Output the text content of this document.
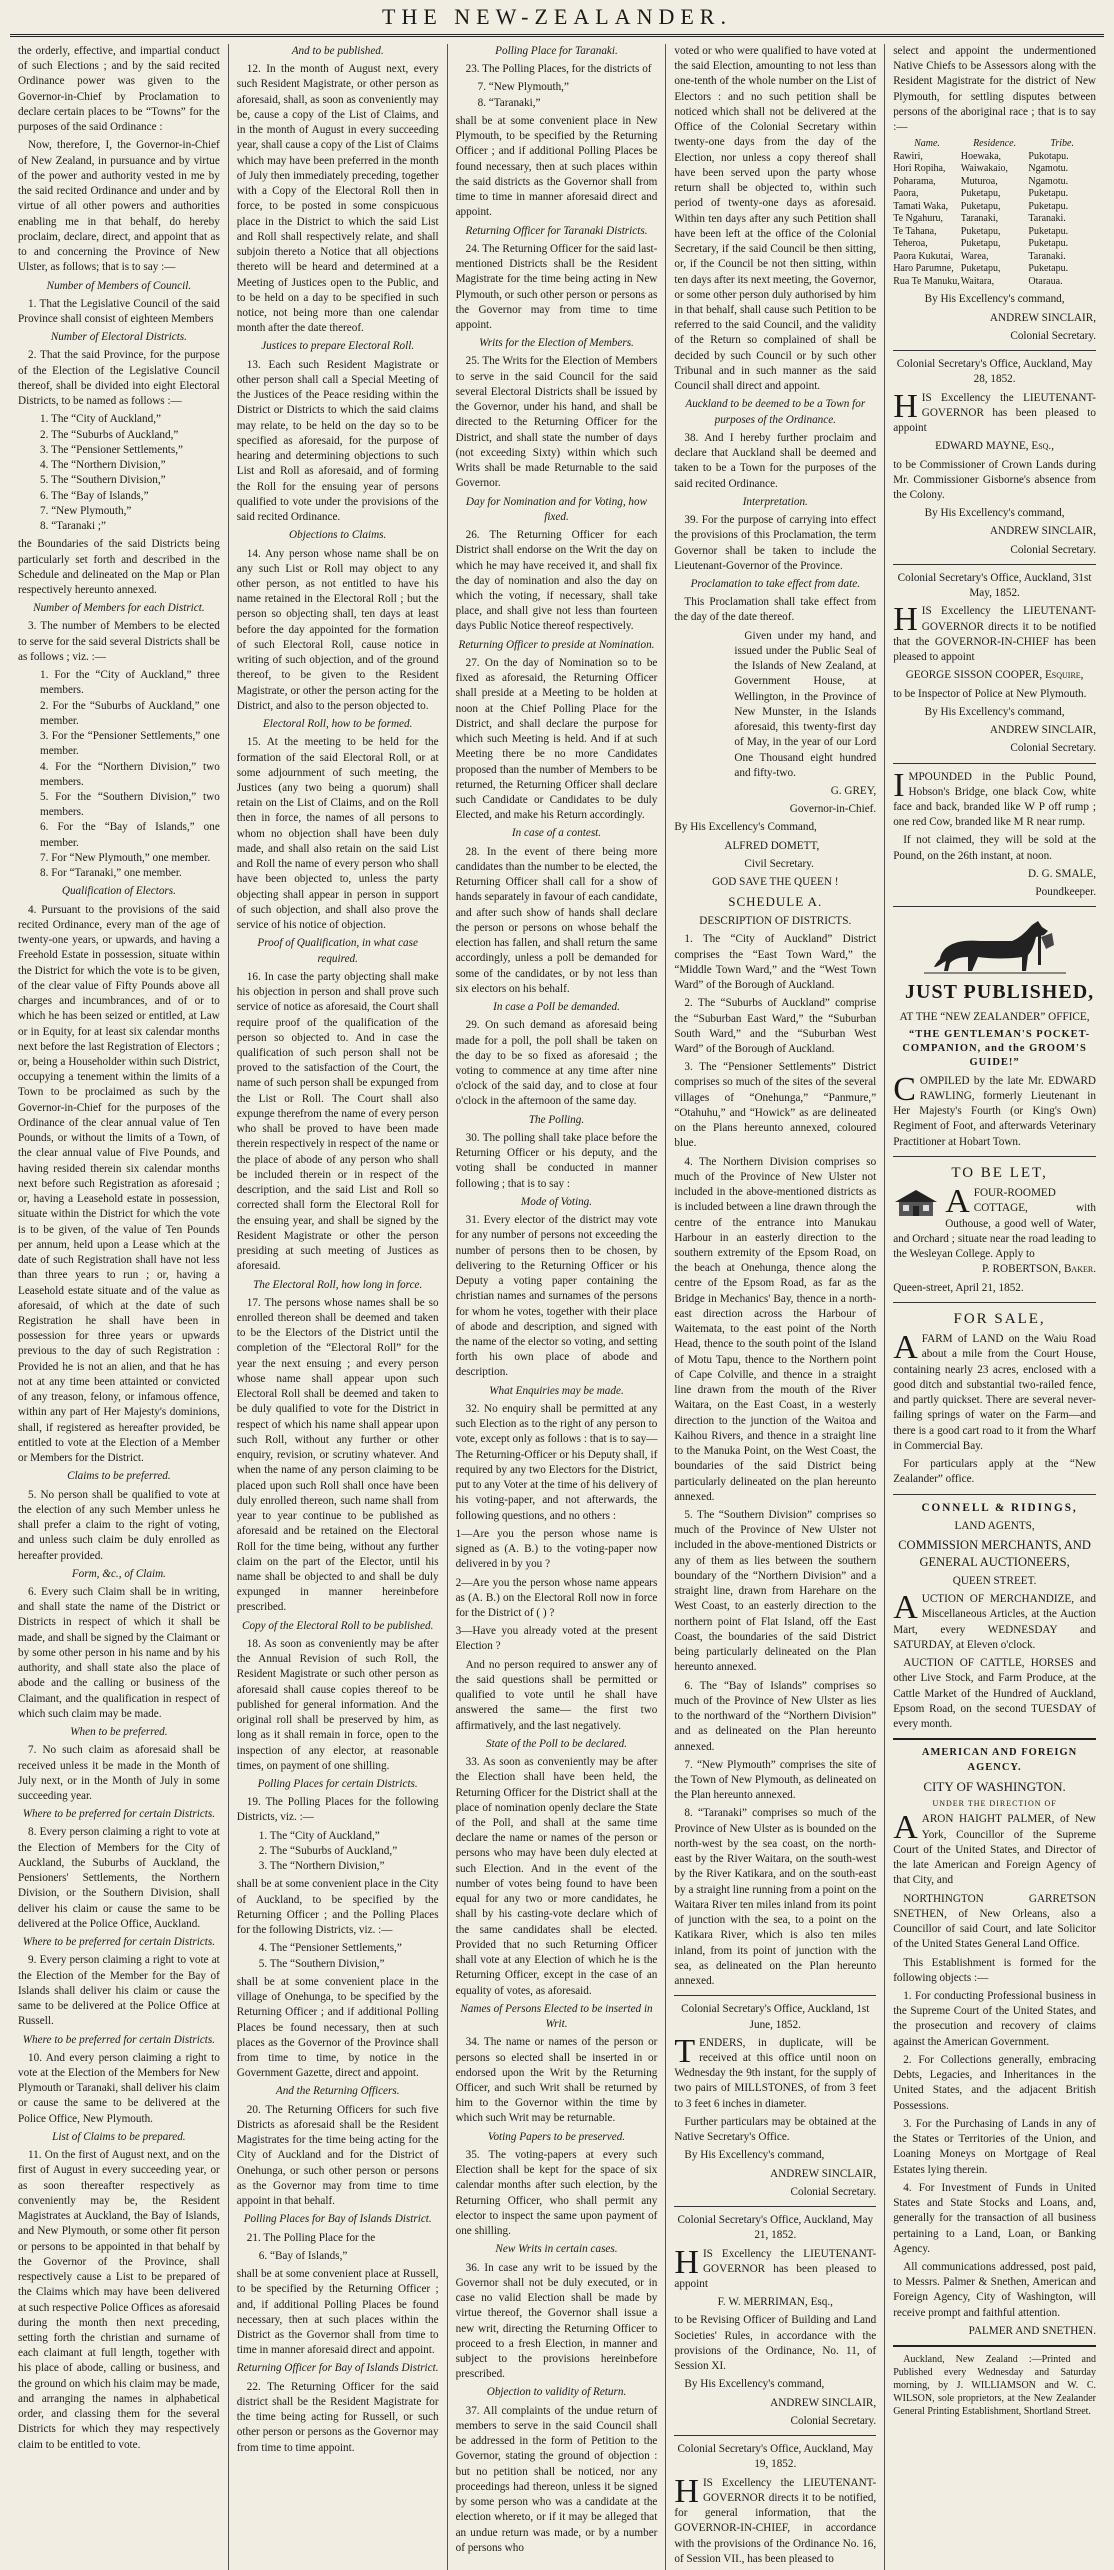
THE NEW-ZEALANDER.

the orderly, effective, and impartial conduct of such Elections ; and by the said recited Ordinance power was given to the Governor-in-Chief by Proclamation to declare certain places to be “Towns” for the purposes of the said Ordinance :

Now, therefore, I, the Governor-in-Chief of New Zealand, in pursuance and by virtue of the power and authority vested in me by the said recited Ordinance and under and by virtue of all other powers and authorities enabling me in that behalf, do hereby proclaim, declare, direct, and appoint that as to and concerning the Province of New Ulster, as follows; that is to say :—

Number of Members of Council.

1. That the Legislative Council of the said Province shall consist of eighteen Members

Number of Electoral Districts.

2. That the said Province, for the purpose of the Election of the Legislative Council thereof, shall be divided into eight Electoral Districts, to be named as follows :—

1. The “City of Auckland,”
2. The “Suburbs of Auckland,”
3. The “Pensioner Settlements,”
4. The “Northern Division,”
5. The “Southern Division,”
6. The “Bay of Islands,”
7. “New Plymouth,”
8. “Taranaki ;”

the Boundaries of the said Districts being particularly set forth and described in the Schedule and delineated on the Map or Plan respectively hereunto annexed.

Number of Members for each District.

3. The number of Members to be elected to serve for the said several Districts shall be as follows ; viz. :—

1. For the “City of Auckland,” three members.
2. For the “Suburbs of Auckland,” one member.
3. For the “Pensioner Settlements,” one member.
4. For the “Northern Division,” two members.
5. For the “Southern Division,” two members.
6. For the “Bay of Islands,” one member.
7. For “New Plymouth,” one member.
8. For “Taranaki,” one member.

Qualification of Electors.

4. Pursuant to the provisions of the said recited Ordinance, every man of the age of twenty-one years, or upwards, and having a Freehold Estate in possession, situate within the District for which the vote is to be given, of the clear value of Fifty Pounds above all charges and incumbrances, and of or to which he has been seized or entitled, at Law or in Equity, for at least six calendar months next before the last Registration of Electors ; or, being a Householder within such District, occupying a tenement within the limits of a Town to be proclaimed as such by the Governor-in-Chief for the purposes of the Ordinance of the clear annual value of Ten Pounds, or without the limits of a Town, of the clear annual value of Five Pounds, and having resided therein six calendar months next before such Registration as aforesaid ; or, having a Leasehold estate in possession, situate within the District for which the vote is to be given, of the value of Ten Pounds per annum, held upon a Lease which at the date of such Registration shall have not less than three years to run ; or, having a Leasehold estate situate and of the value as aforesaid, of which at the date of such Registration he shall have been in possession for three years or upwards previous to the day of such Registration : Provided he is not an alien, and that he has not at any time been attainted or convicted of any treason, felony, or infamous offence, within any part of Her Majesty's dominions, shall, if registered as hereafter provided, be entitled to vote at the Election of a Member or Members for the District.

Claims to be preferred.

5. No person shall be qualified to vote at the election of any such Member unless he shall prefer a claim to the right of voting, and unless such claim be duly enrolled as hereafter provided.

Form, &c., of Claim.

6. Every such Claim shall be in writing, and shall state the name of the District or Districts in respect of which it shall be made, and shall be signed by the Claimant or by some other person in his name and by his authority, and shall state also the place of abode and the calling or business of the Claimant, and the qualification in respect of which such claim may be made.

When to be preferred.

7. No such claim as aforesaid shall be received unless it be made in the Month of July next, or in the Month of July in some succeeding year.

Where to be preferred for certain Districts.

8. Every person claiming a right to vote at the Election of Members for the City of Auckland, the Suburbs of Auckland, the Pensioners' Settlements, the Northern Division, or the Southern Division, shall deliver his claim or cause the same to be delivered at the Police Office, Auckland.

Where to be preferred for certain Districts.

9. Every person claiming a right to vote at the Election of the Member for the Bay of Islands shall deliver his claim or cause the same to be delivered at the Police Office at Russell.

Where to be preferred for certain Districts.

10. And every person claiming a right to vote at the Election of the Members for New Plymouth or Taranaki, shall deliver his claim or cause the same to be delivered at the Police Office, New Plymouth.

List of Claims to be prepared.

11. On the first of August next, and on the first of August in every succeeding year, or as soon thereafter respectively as conveniently may be, the Resident Magistrates at Auckland, the Bay of Islands, and New Plymouth, or some other fit person or persons to be appointed in that behalf by the Governor of the Province, shall respectively cause a List to be prepared of the Claims which may have been delivered at such respective Police Offices as aforesaid during the month then next preceding, setting forth the christian and surname of each claimant at full length, together with his place of abode, calling or business, and the ground on which his claim may be made, and arranging the names in alphabetical order, and classing them for the several Districts for which they may respectively claim to be entitled to vote.

And to be published.

12. In the month of August next, every such Resident Magistrate, or other person as aforesaid, shall, as soon as conveniently may be, cause a copy of the List of Claims, and in the month of August in every succeeding year, shall cause a copy of the List of Claims which may have been preferred in the month of July then immediately preceding, together with a Copy of the Electoral Roll then in force, to be posted in some conspicuous place in the District to which the said List and Roll shall respectively relate, and shall subjoin thereto a Notice that all objections thereto will be heard and determined at a Meeting of Justices open to the Public, and to be held on a day to be specified in such notice, not being more than one calendar month after the date thereof.

Justices to prepare Electoral Roll.

13. Each such Resident Magistrate or other person shall call a Special Meeting of the Justices of the Peace residing within the District or Districts to which the said claims may relate, to be held on the day so to be specified as aforesaid, for the purpose of hearing and determining objections to such List and Roll as aforesaid, and of forming the Roll for the ensuing year of persons qualified to vote under the provisions of the said recited Ordinance.

Objections to Claims.

14. Any person whose name shall be on any such List or Roll may object to any other person, as not entitled to have his name retained in the Electoral Roll ; but the person so objecting shall, ten days at least before the day appointed for the formation of such Electoral Roll, cause notice in writing of such objection, and of the ground thereof, to be given to the Resident Magistrate, or other the person acting for the District, and also to the person objected to.

Electoral Roll, how to be formed.

15. At the meeting to be held for the formation of the said Electoral Roll, or at some adjournment of such meeting, the Justices (any two being a quorum) shall retain on the List of Claims, and on the Roll then in force, the names of all persons to whom no objection shall have been duly made, and shall also retain on the said List and Roll the name of every person who shall have been objected to, unless the party objecting shall appear in person in support of such objection, and shall also prove the service of his notice of objection.

Proof of Qualification, in what case required.

16. In case the party objecting shall make his objection in person and shall prove such service of notice as aforesaid, the Court shall require proof of the qualification of the person so objected to. And in case the qualification of such person shall not be proved to the satisfaction of the Court, the name of such person shall be expunged from the List or Roll. The Court shall also expunge therefrom the name of every person who shall be proved to have been made therein respectively in respect of the name or the place of abode of any person who shall be included therein or in respect of the description, and the said List and Roll so corrected shall form the Electoral Roll for the ensuing year, and shall be signed by the Resident Magistrate or other the person presiding at such meeting of Justices as aforesaid.

The Electoral Roll, how long in force.

17. The persons whose names shall be so enrolled thereon shall be deemed and taken to be the Electors of the District until the completion of the “Electoral Roll” for the year the next ensuing ; and every person whose name shall appear upon such Electoral Roll shall be deemed and taken to be duly qualified to vote for the District in respect of which his name shall appear upon such Roll, without any further or other enquiry, revision, or scrutiny whatever. And when the name of any person claiming to be placed upon such Roll shall once have been duly enrolled thereon, such name shall from year to year continue to be published as aforesaid and be retained on the Electoral Roll for the time being, without any further claim on the part of the Elector, until his name shall be objected to and shall be duly expunged in manner hereinbefore prescribed.

Copy of the Electoral Roll to be published.

18. As soon as conveniently may be after the Annual Revision of such Roll, the Resident Magistrate or such other person as aforesaid shall cause copies thereof to be published for general information. And the original roll shall be preserved by him, as long as it shall remain in force, open to the inspection of any elector, at reasonable times, on payment of one shilling.

Polling Places for certain Districts.

19. The Polling Places for the following Districts, viz. :—

1. The “City of Auckland,”
2. The “Suburbs of Auckland,”
3. The “Northern Division,”

shall be at some convenient place in the City of Auckland, to be specified by the Returning Officer ; and the Polling Places for the following Districts, viz. :—

4. The “Pensioner Settlements,”
5. The “Southern Division,”

shall be at some convenient place in the village of Onehunga, to be specified by the Returning Officer ; and if additional Polling Places be found necessary, then at such places as the Governor of the Province shall from time to time, by notice in the Government Gazette, direct and appoint.

And the Returning Officers.

20. The Returning Officers for such five Districts as aforesaid shall be the Resident Magistrates for the time being acting for the City of Auckland and for the District of Onehunga, or such other person or persons as the Governor may from time to time appoint in that behalf.

Polling Places for Bay of Islands District.

21. The Polling Place for the

6. “Bay of Islands,”

shall be at some convenient place at Russell, to be specified by the Returning Officer ; and, if additional Polling Places be found necessary, then at such places within the District as the Governor shall from time to time in manner aforesaid direct and appoint.

Returning Officer for Bay of Islands District.

22. The Returning Officer for the said district shall be the Resident Magistrate for the time being acting for Russell, or such other person or persons as the Governor may from time to time appoint.

Polling Place for Taranaki.

23. The Polling Places, for the districts of

7. “New Plymouth,”
8. “Taranaki,”

shall be at some convenient place in New Plymouth, to be specified by the Returning Officer ; and if additional Polling Places be found necessary, then at such places within the said districts as the Governor shall from time to time in manner aforesaid direct and appoint.

Returning Officer for Taranaki Districts.

24. The Returning Officer for the said last-mentioned Districts shall be the Resident Magistrate for the time being acting in New Plymouth, or such other person or persons as the Governor may from time to time appoint.

Writs for the Election of Members.

25. The Writs for the Election of Members to serve in the said Council for the said several Electoral Districts shall be issued by the Governor, under his hand, and shall be directed to the Returning Officer for the District, and shall state the number of days (not exceeding Sixty) within which such Writs shall be made Returnable to the said Governor.

Day for Nomination and for Voting, how fixed.

26. The Returning Officer for each District shall endorse on the Writ the day on which he may have received it, and shall fix the day of nomination and also the day on which the voting, if necessary, shall take place, and shall give not less than fourteen days Public Notice thereof respectively.

Returning Officer to preside at Nomination.

27. On the day of Nomination so to be fixed as aforesaid, the Returning Officer shall preside at a Meeting to be holden at noon at the Chief Polling Place for the District, and shall declare the purpose for which such Meeting is held. And if at such Meeting there be no more Candidates proposed than the number of Members to be returned, the Returning Officer shall declare such Candidate or Candidates to be duly Elected, and make his Return accordingly.

In case of a contest.

28. In the event of there being more candidates than the number to be elected, the Returning Officer shall call for a show of hands separately in favour of each candidate, and after such show of hands shall declare the person or persons on whose behalf the election has fallen, and shall return the same accordingly, unless a poll be demanded for some of the candidates, or by not less than six electors on his behalf.

In case a Poll be demanded.

29. On such demand as aforesaid being made for a poll, the poll shall be taken on the day to be so fixed as aforesaid ; the voting to commence at any time after nine o'clock of the said day, and to close at four o'clock in the afternoon of the same day.

The Polling.

30. The polling shall take place before the Returning Officer or his deputy, and the voting shall be conducted in manner following ; that is to say :

Mode of Voting.

31. Every elector of the district may vote for any number of persons not exceeding the number of persons then to be chosen, by delivering to the Returning Officer or his Deputy a voting paper containing the christian names and surnames of the persons for whom he votes, together with their place of abode and description, and signed with the name of the elector so voting, and setting forth his own place of abode and description.

What Enquiries may be made.

32. No enquiry shall be permitted at any such Election as to the right of any person to vote, except only as follows : that is to say— The Returning-Officer or his Deputy shall, if required by any two Electors for the District, put to any Voter at the time of his delivery of his voting-paper, and not afterwards, the following questions, and no others :

1—Are you the person whose name is signed as (A. B.) to the voting-paper now delivered in by you ?

2—Are you the person whose name appears as (A. B.) on the Electoral Roll now in force for the District of ( ) ?

3—Have you already voted at the present Election ?

And no person required to answer any of the said questions shall be permitted or qualified to vote until he shall have answered the same— the first two affirmatively, and the last negatively.

State of the Poll to be declared.

33. As soon as conveniently may be after the Election shall have been held, the Returning Officer for the District shall at the place of nomination openly declare the State of the Poll, and shall at the same time declare the name or names of the person or persons who may have been duly elected at such Election. And in the event of the number of votes being found to have been equal for any two or more candidates, he shall by his casting-vote declare which of the same candidates shall be elected. Provided that no such Returning Officer shall vote at any Election of which he is the Returning Officer, except in the case of an equality of votes, as aforesaid.

Names of Persons Elected to be inserted in Writ.

34. The name or names of the person or persons so elected shall be inserted in or endorsed upon the Writ by the Returning Officer, and such Writ shall be returned by him to the Governor within the time by which such Writ may be returnable.

Voting Papers to be preserved.

35. The voting-papers at every such Election shall be kept for the space of six calendar months after such election, by the Returning Officer, who shall permit any elector to inspect the same upon payment of one shilling.

New Writs in certain cases.

36. In case any writ to be issued by the Governor shall not be duly executed, or in case no valid Election shall be made by virtue thereof, the Governor shall issue a new writ, directing the Returning Officer to proceed to a fresh Election, in manner and subject to the provisions hereinbefore prescribed.

Objection to validity of Return.

37. All complaints of the undue return of members to serve in the said Council shall be addressed in the form of Petition to the Governor, stating the ground of objection : but no petition shall be noticed, nor any proceedings had thereon, unless it be signed by some person who was a candidate at the election whereto, or if it may be alleged that an undue return was made, or by a number of persons who

voted or who were qualified to have voted at the said Election, amounting to not less than one-tenth of the whole number on the List of Electors : and no such petition shall be noticed which shall not be delivered at the Office of the Colonial Secretary within twenty-one days from the day of the Election, nor unless a copy thereof shall have been served upon the party whose return shall be objected to, within such period of twenty-one days as aforesaid. Within ten days after any such Petition shall have been left at the office of the Colonial Secretary, if the said Council be then sitting, or, if the Council be not then sitting, within ten days after its next meeting, the Governor, or some other person duly authorised by him in that behalf, shall cause such Petition to be referred to the said Council, and the validity of the Return so complained of shall be decided by such Council or by such other Tribunal and in such manner as the said Council shall direct and appoint.

Auckland to be deemed to be a Town for purposes of the Ordinance.

38. And I hereby further proclaim and declare that Auckland shall be deemed and taken to be a Town for the purposes of the said recited Ordinance.

Interpretation.

39. For the purpose of carrying into effect the provisions of this Proclamation, the term Governor shall be taken to include the Lieutenant-Governor of the Province.

Proclamation to take effect from date.

This Proclamation shall take effect from the day of the date thereof.

Given under my hand, and issued under the Public Seal of the Islands of New Zealand, at Government House, at Wellington, in the Province of New Munster, in the Islands aforesaid, this twenty-first day of May, in the year of our Lord One Thousand eight hundred and fifty-two.

G. GREY,

Governor-in-Chief.

By His Excellency's Command,

ALFRED DOMETT,

Civil Secretary.

GOD SAVE THE QUEEN !

SCHEDULE A.

DESCRIPTION OF DISTRICTS.

1. The “City of Auckland” District comprises the “East Town Ward,” the “Middle Town Ward,” and the “West Town Ward” of the Borough of Auckland.

2. The “Suburbs of Auckland” comprise the “Suburban East Ward,” the “Suburban South Ward,” and the “Suburban West Ward” of the Borough of Auckland.

3. The “Pensioner Settlements” District comprises so much of the sites of the several villages of “Onehunga,” “Panmure,” “Otahuhu,” and “Howick” as are delineated on the Plans hereunto annexed, coloured blue.

4. The Northern Division comprises so much of the Province of New Ulster not included in the above-mentioned districts as is included between a line drawn through the centre of the entrance into Manukau Harbour in an easterly direction to the southern extremity of the Epsom Road, on the beach at Onehunga, thence along the centre of the Epsom Road, as far as the Bridge in Mechanics' Bay, thence in a north-east direction across the Harbour of Waitemata, to the east point of the North Head, thence to the south point of the Island of Motu Tapu, thence to the Northern point of Cape Colville, and thence in a straight line drawn from the mouth of the River Waitara, on the East Coast, in a westerly direction to the junction of the Waitoa and Kaihou Rivers, and thence in a straight line to the Manuka Point, on the West Coast, the boundaries of the said District being particularly delineated on the plan hereunto annexed.

5. The “Southern Division” comprises so much of the Province of New Ulster not included in the above-mentioned Districts or any of them as lies between the southern boundary of the “Northern Division” and a straight line, drawn from Harehare on the West Coast, to an easterly direction to the northern point of Flat Island, off the East Coast, the boundaries of the said District being particularly delineated on the Plan hereunto annexed.

6. The “Bay of Islands” comprises so much of the Province of New Ulster as lies to the northward of the “Northern Division” and as delineated on the Plan hereunto annexed.

7. “New Plymouth” comprises the site of the Town of New Plymouth, as delineated on the Plan hereunto annexed.

8. “Taranaki” comprises so much of the Province of New Ulster as is bounded on the north-west by the sea coast, on the north-east by the River Waitara, on the south-west by the River Katikara, and on the south-east by a straight line running from a point on the Waitara River ten miles inland from its point of junction with the sea, to a point on the Katikara River, which is also ten miles inland, from its point of junction with the sea, as delineated on the Plan hereunto annexed.

Colonial Secretary's Office, Auckland, 1st June, 1852.

TENDERS, in duplicate, will be received at this office until noon on Wednesday the 9th instant, for the supply of two pairs of MILLSTONES, of from 3 feet to 3 feet 6 inches in diameter.

Further particulars may be obtained at the Native Secretary's Office.

By His Excellency's command,

ANDREW SINCLAIR,

Colonial Secretary.

Colonial Secretary's Office, Auckland, May 21, 1852.

HIS Excellency the LIEUTENANT-GOVERNOR has been pleased to appoint

F. W. MERRIMAN, Esq.,

to be Revising Officer of Building and Land Societies' Rules, in accordance with the provisions of the Ordinance, No. 11, of Session XI.

By His Excellency's command,

ANDREW SINCLAIR,

Colonial Secretary.

Colonial Secretary's Office, Auckland, May 19, 1852.

HIS Excellency the LIEUTENANT-GOVERNOR directs it to be notified, for general information, that the GOVERNOR-IN-CHIEF, in accordance with the provisions of the Ordinance No. 16, of Session VII., has been pleased to

select and appoint the undermentioned Native Chiefs to be Assessors along with the Resident Magistrate for the district of New Plymouth, for settling disputes between persons of the aboriginal race ; that is to say :—

Name.	Residence.	Tribe.
Rawiri,	Hoewaka,	Pukotapu.
Hori Ropiha,	Waiwakaio,	Ngamotu.
Poharama,	Muturoa,	Ngamotu.
Paora,	Puketapu,	Puketapu.
Tamati Waka,	Puketapu,	Puketapu.
Te Ngahuru,	Taranaki,	Taranaki.
Te Tahana,	Puketapu,	Puketapu.
Teheroa,	Puketapu,	Puketapu.
Paora Kukutai, Warea,	Taranaki.
Haro Parumne, Puketapu,	Puketapu.
Rua Te Manuku, Waitara,	Otaraua.

By His Excellency's command,

ANDREW SINCLAIR,

Colonial Secretary.

Colonial Secretary's Office, Auckland, May 28, 1852.

HIS Excellency the LIEUTENANT-GOVERNOR has been pleased to appoint

EDWARD MAYNE, Esq.,

to be Commissioner of Crown Lands during Mr. Commissioner Gisborne's absence from the Colony.

By His Excellency's command,

ANDREW SINCLAIR,

Colonial Secretary.

Colonial Secretary's Office, Auckland, 31st May, 1852.

HIS Excellency the LIEUTENANT-GOVERNOR directs it to be notified that the GOVERNOR-IN-CHIEF has been pleased to appoint

GEORGE SISSON COOPER, Esquire,

to be Inspector of Police at New Plymouth.

By His Excellency's command,

ANDREW SINCLAIR,

Colonial Secretary.

IMPOUNDED in the Public Pound, Hobson's Bridge, one black Cow, white face and back, branded like W P off rump ; one red Cow, branded like M R near rump.

If not claimed, they will be sold at the Pound, on the 26th instant, at noon.

D. G. SMALE,

Poundkeeper.

JUST PUBLISHED,

AT THE “NEW ZEALANDER” OFFICE,

“THE GENTLEMAN'S POCKET-COMPANION, and the GROOM'S GUIDE!”

COMPILED by the late Mr. EDWARD RAWLING, formerly Lieutenant in Her Majesty's Fourth (or King's Own) Regiment of Foot, and afterwards Veterinary Practitioner at Hobart Town.

TO BE LET,

AFOUR-ROOMED COTTAGE, with Outhouse, a good well of Water, and Orchard ; situate near the road leading to the Wesleyan College. Apply to

P. ROBERTSON, Baker.

Queen-street, April 21, 1852.

FOR SALE,

AFARM of LAND on the Waiu Road about a mile from the Court House, containing nearly 23 acres, enclosed with a good ditch and substantial two-railed fence, and partly quickset. There are several never-failing springs of water on the Farm—and there is a good cart road to it from the Wharf in Commercial Bay.

For particulars apply at the “New Zealander” office.

CONNELL & RIDINGS,

LAND AGENTS,

COMMISSION MERCHANTS, AND GENERAL AUCTIONEERS,

QUEEN STREET.

AUCTION OF MERCHANDIZE, and Miscellaneous Articles, at the Auction Mart, every WEDNESDAY and SATURDAY, at Eleven o'clock.

AUCTION OF CATTLE, HORSES and other Live Stock, and Farm Produce, at the Cattle Market of the Hundred of Auckland, Epsom Road, on the second TUESDAY of every month.

AMERICAN AND FOREIGN AGENCY.

CITY OF WASHINGTON.

UNDER THE DIRECTION OF

AARON HAIGHT PALMER, of New York, Councillor of the Supreme Court of the United States, and Director of the late American and Foreign Agency of that City, and

NORTHINGTON GARRETSON SNETHEN, of New Orleans, also a Councillor of said Court, and late Solicitor of the United States General Land Office.

This Establishment is formed for the following objects :—

1. For conducting Professional business in the Supreme Court of the United States, and the prosecution and recovery of claims against the American Government.

2. For Collections generally, embracing Debts, Legacies, and Inheritances in the United States, and the adjacent British Possessions.

3. For the Purchasing of Lands in any of the States or Territories of the Union, and Loaning Moneys on Mortgage of Real Estates lying therein.

4. For Investment of Funds in United States and State Stocks and Loans, and, generally for the transaction of all business pertaining to a Land, Loan, or Banking Agency.

All communications addressed, post paid, to Messrs. Palmer & Snethen, American and Foreign Agency, City of Washington, will receive prompt and faithful attention.

PALMER AND SNETHEN.

Auckland, New Zealand :—Printed and Published every Wednesday and Saturday morning, by J. WILLIAMSON and W. C. WILSON, sole proprietors, at the New Zealander General Printing Establishment, Shortland Street.
